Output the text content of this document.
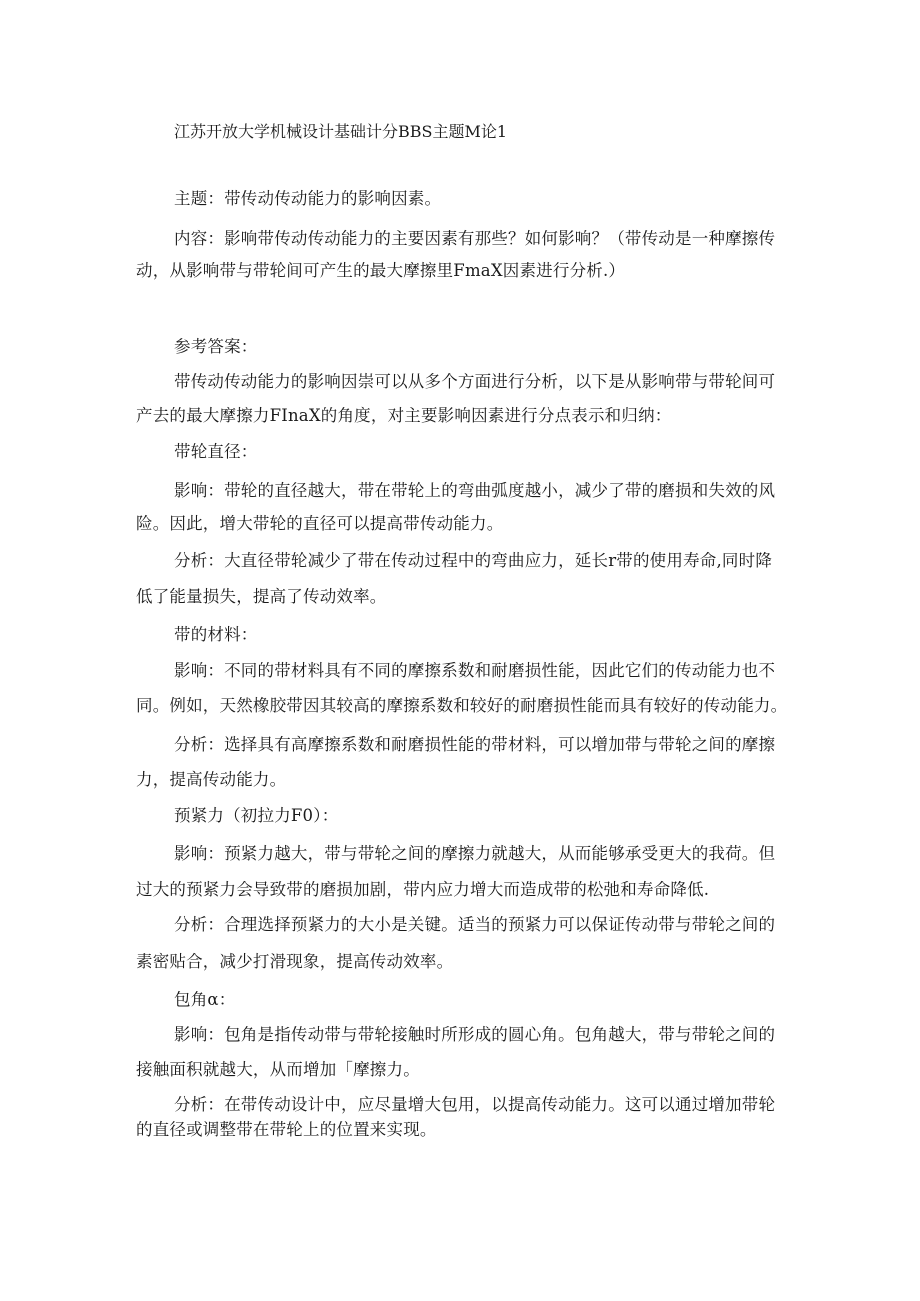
江苏开放大学机械设计基础计分BBS主题M论1
主题：带传动传动能力的影响因素。
内容：影响带传动传动能力的主要因素有那些？如何影响？（带传动是一种摩擦传
动，从影响带与带轮间可产生的最大摩擦里FmaX因素进行分析.）
参考答案：
带传动传动能力的影响因崇可以从多个方面进行分析，以下是从影响带与带轮间可
产去的最大摩擦力FInaX的角度，对主要影响因素进行分点表示和归纳：
带轮直径：
影响：带轮的直径越大，带在带轮上的弯曲弧度越小，减少了带的磨损和失效的风
险。因此，增大带轮的直径可以提高带传动能力。
分析：大直径带轮减少了带在传动过程中的弯曲应力，延长r带的使用寿命,同时降
低了能量损失，提高了传动效率。
带的材料：
影响：不同的带材料具有不同的摩擦系数和耐磨损性能，因此它们的传动能力也不
同。例如，天然橡胶带因其较高的摩擦系数和较好的耐磨损性能而具有较好的传动能力。
分析：选择具有高摩擦系数和耐磨损性能的带材料，可以增加带与带轮之间的摩擦
力，提高传动能力。
预紧力（初拉力F0）：
影响：预紧力越大，带与带轮之间的摩擦力就越大，从而能够承受更大的我荷。但
过大的预紧力会导致带的磨损加剧，带内应力增大而造成带的松弛和寿命降低.
分析：合理选择预紧力的大小是关键。适当的预紧力可以保证传动带与带轮之间的
素密贴合，减少打滑现象，提高传动效率。
包角α：
影响：包角是指传动带与带轮接触时所形成的圆心角。包角越大，带与带轮之间的
接触面积就越大，从而增加「摩擦力。
分析：在带传动设计中，应尽量增大包用，以提高传动能力。这可以通过增加带轮
的直径或调整带在带轮上的位置来实现。
